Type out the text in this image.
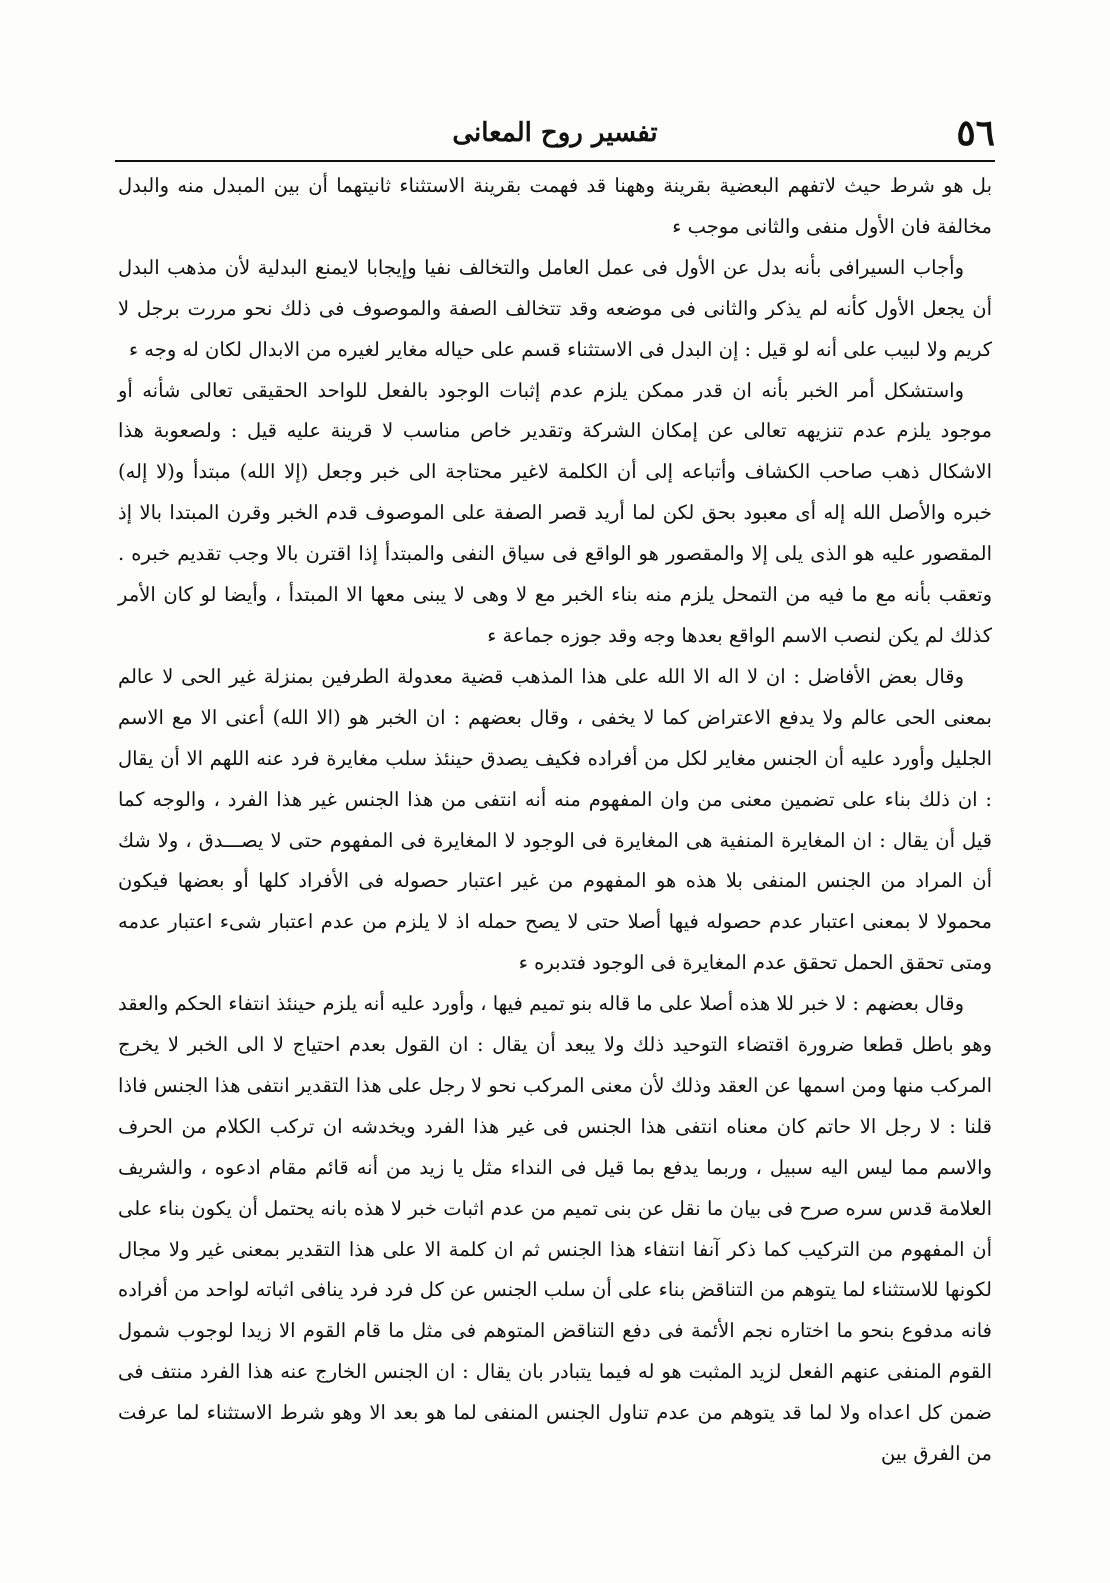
٥٦
تفسير روح المعانى

بل هو شرط حيث لاتفهم البعضية بقرينة وههنا قد فهمت بقرينة الاستثناء ثانيتهما أن بين المبدل منه والبدل مخالفة فان الأول منفى والثانى موجب ء

وأجاب السيرافى بأنه بدل عن الأول فى عمل العامل والتخالف نفيا وإيجابا لايمنع البدلية لأن مذهب البدل أن يجعل الأول كأنه لم يذكر والثانى فى موضعه وقد تتخالف الصفة والموصوف فى ذلك نحو مررت برجل لا كريم ولا لبيب على أنه لو قيل : إن البدل فى الاستثناء قسم على حياله مغاير لغيره من الابدال لكان له وجه ء

واستشكل أمر الخبر بأنه ان قدر ممكن يلزم عدم إثبات الوجود بالفعل للواحد الحقيقى تعالى شأنه أو موجود يلزم عدم تنزيهه تعالى عن إمكان الشركة وتقدير خاص مناسب لا قرينة عليه قيل : ولصعوبة هذا الاشكال ذهب صاحب الكشاف وأتباعه إلى أن الكلمة لاغير محتاجة الى خبر وجعل (إلا الله) مبتدأ و(لا إله) خبره والأصل الله إله أى معبود بحق لكن لما أريد قصر الصفة على الموصوف قدم الخبر وقرن المبتدا بالا إذ المقصور عليه هو الذى يلى إلا والمقصور هو الواقع فى سياق النفى والمبتدأ إذا اقترن بالا وجب تقديم خبره . وتعقب بأنه مع ما فيه من التمحل يلزم منه بناء الخبر مع لا وهى لا يبنى معها الا المبتدأ ، وأيضا لو كان الأمر كذلك لم يكن لنصب الاسم الواقع بعدها وجه وقد جوزه جماعة ء

وقال بعض الأفاضل : ان لا اله الا الله على هذا المذهب قضية معدولة الطرفين بمنزلة غير الحى لا عالم بمعنى الحى عالم ولا يدفع الاعتراض كما لا يخفى ، وقال بعضهم : ان الخبر هو (الا الله) أعنى الا مع الاسم الجليل وأورد عليه أن الجنس مغاير لكل من أفراده فكيف يصدق حينئذ سلب مغايرة فرد عنه اللهم الا أن يقال : ان ذلك بناء على تضمين معنى من وان المفهوم منه أنه انتفى من هذا الجنس غير هذا الفرد ، والوجه كما قيل أن يقال : ان المغايرة المنفية هى المغايرة فى الوجود لا المغايرة فى المفهوم حتى لا يصـــدق ، ولا شك أن المراد من الجنس المنفى بلا هذه هو المفهوم من غير اعتبار حصوله فى الأفراد كلها أو بعضها فيكون محمولا لا بمعنى اعتبار عدم حصوله فيها أصلا حتى لا يصح حمله اذ لا يلزم من عدم اعتبار شىء اعتبار عدمه ومتى تحقق الحمل تحقق عدم المغايرة فى الوجود فتدبره ء

وقال بعضهم : لا خبر للا هذه أصلا على ما قاله بنو تميم فيها ، وأورد عليه أنه يلزم حينئذ انتفاء الحكم والعقد وهو باطل قطعا ضرورة اقتضاء التوحيد ذلك ولا يبعد أن يقال : ان القول بعدم احتياج لا الى الخبر لا يخرج المركب منها ومن اسمها عن العقد وذلك لأن معنى المركب نحو لا رجل على هذا التقدير انتفى هذا الجنس فاذا قلنا : لا رجل الا حاتم كان معناه انتفى هذا الجنس فى غير هذا الفرد ويخدشه ان تركب الكلام من الحرف والاسم مما ليس اليه سبيل ، وربما يدفع بما قيل فى النداء مثل يا زيد من أنه قائم مقام ادعوه ، والشريف العلامة قدس سره صرح فى بيان ما نقل عن بنى تميم من عدم اثبات خبر لا هذه بانه يحتمل أن يكون بناء على أن المفهوم من التركيب كما ذكر آنفا انتفاء هذا الجنس ثم ان كلمة الا على هذا التقدير بمعنى غير ولا مجال لكونها للاستثناء لما يتوهم من التناقض بناء على أن سلب الجنس عن كل فرد فرد ينافى اثباته لواحد من أفراده فانه مدفوع بنحو ما اختاره نجم الأئمة فى دفع التناقض المتوهم فى مثل ما قام القوم الا زيدا لوجوب شمول القوم المنفى عنهم الفعل لزيد المثبت هو له فيما يتبادر بان يقال : ان الجنس الخارج عنه هذا الفرد منتف فى ضمن كل اعداه ولا لما قد يتوهم من عدم تناول الجنس المنفى لما هو بعد الا وهو شرط الاستثناء لما عرفت من الفرق بين
